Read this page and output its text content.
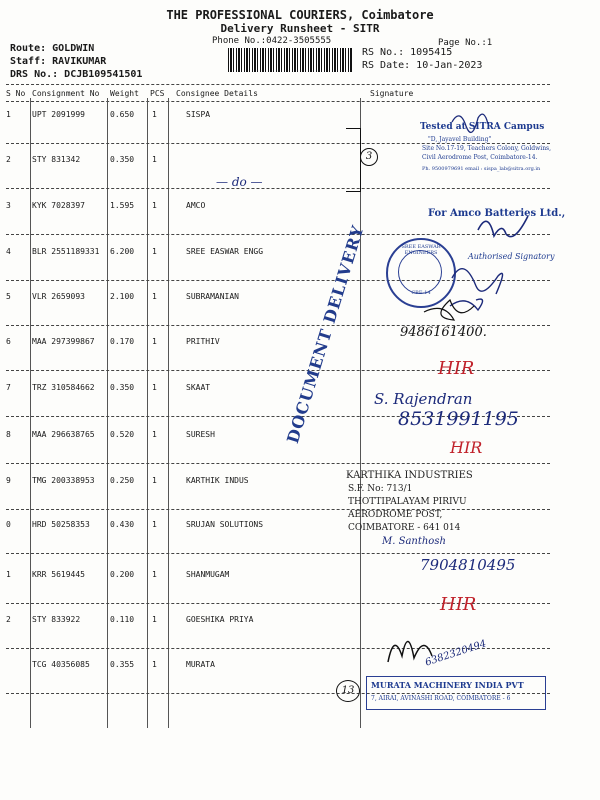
THE PROFESSIONAL COURIERS, Coimbatore
Delivery Runsheet - SITR
Phone No.:0422-3505555	Page No.:1
Route: GOLDWIN
Staff: RAVIKUMAR
DRS No.: DCJB109541501
RS No.: 1095415
RS Date: 10-Jan-2023
S No Consignment No Weight PCS Consignee Details	Signature
1	UPT 2091999	0.650 1	SISPA
2	STY 831342	0.350 1
3	KYK 7028397	1.595 1	AMCO
4	BLR 2551189331 6.200 1	SREE EASWAR ENGG
5	VLR 2659093	2.100 1	SUBRAMANIAN
6	MAA 297399867 0.170 1	PRITHIV
7	TRZ 310584662 0.350 1	SKAAT
8	MAA 296638765 0.520 1	SURESH
9	TMG 200338953 0.250 1	KARTHIK INDUS
0	HRD 50258353	0.430 1	SRUJAN SOLUTIONS
1	KRR 5619445	0.200 1	SHANMUGAM
2	STY 833922	0.110 1	GOESHIKA PRIYA
TCG 40356085	0.355 1	MURATA
— do —
3
13
DOCUMENT DELIVERY
Tested at SITRA Campus
"D, Jayavel Building"
Site No.17-19, Teachers Colony, Goldwins,
Civil Aerodrome Post, Coimbatore-14.
Ph. 9500979691 email : sispa_lab@sitra.org.in
For Amco Batteries Ltd.,
Authorised Signatory
SREE EASWAR ENGINEERS
CBE-14
9486161400.
HIR
S. Rajendran
8531991195
HIR
KARTHIKA INDUSTRIES
S.F. No: 713/1
THOTTIPALAYAM PIRIVU
AERODROME POST,
COIMBATORE - 641 014
M. Santhosh
7904810495
HIR
6382320494
MURATA MACHINERY INDIA PVT
7, AIRAI, AVINASHI ROAD, COIMBATORE - 6
